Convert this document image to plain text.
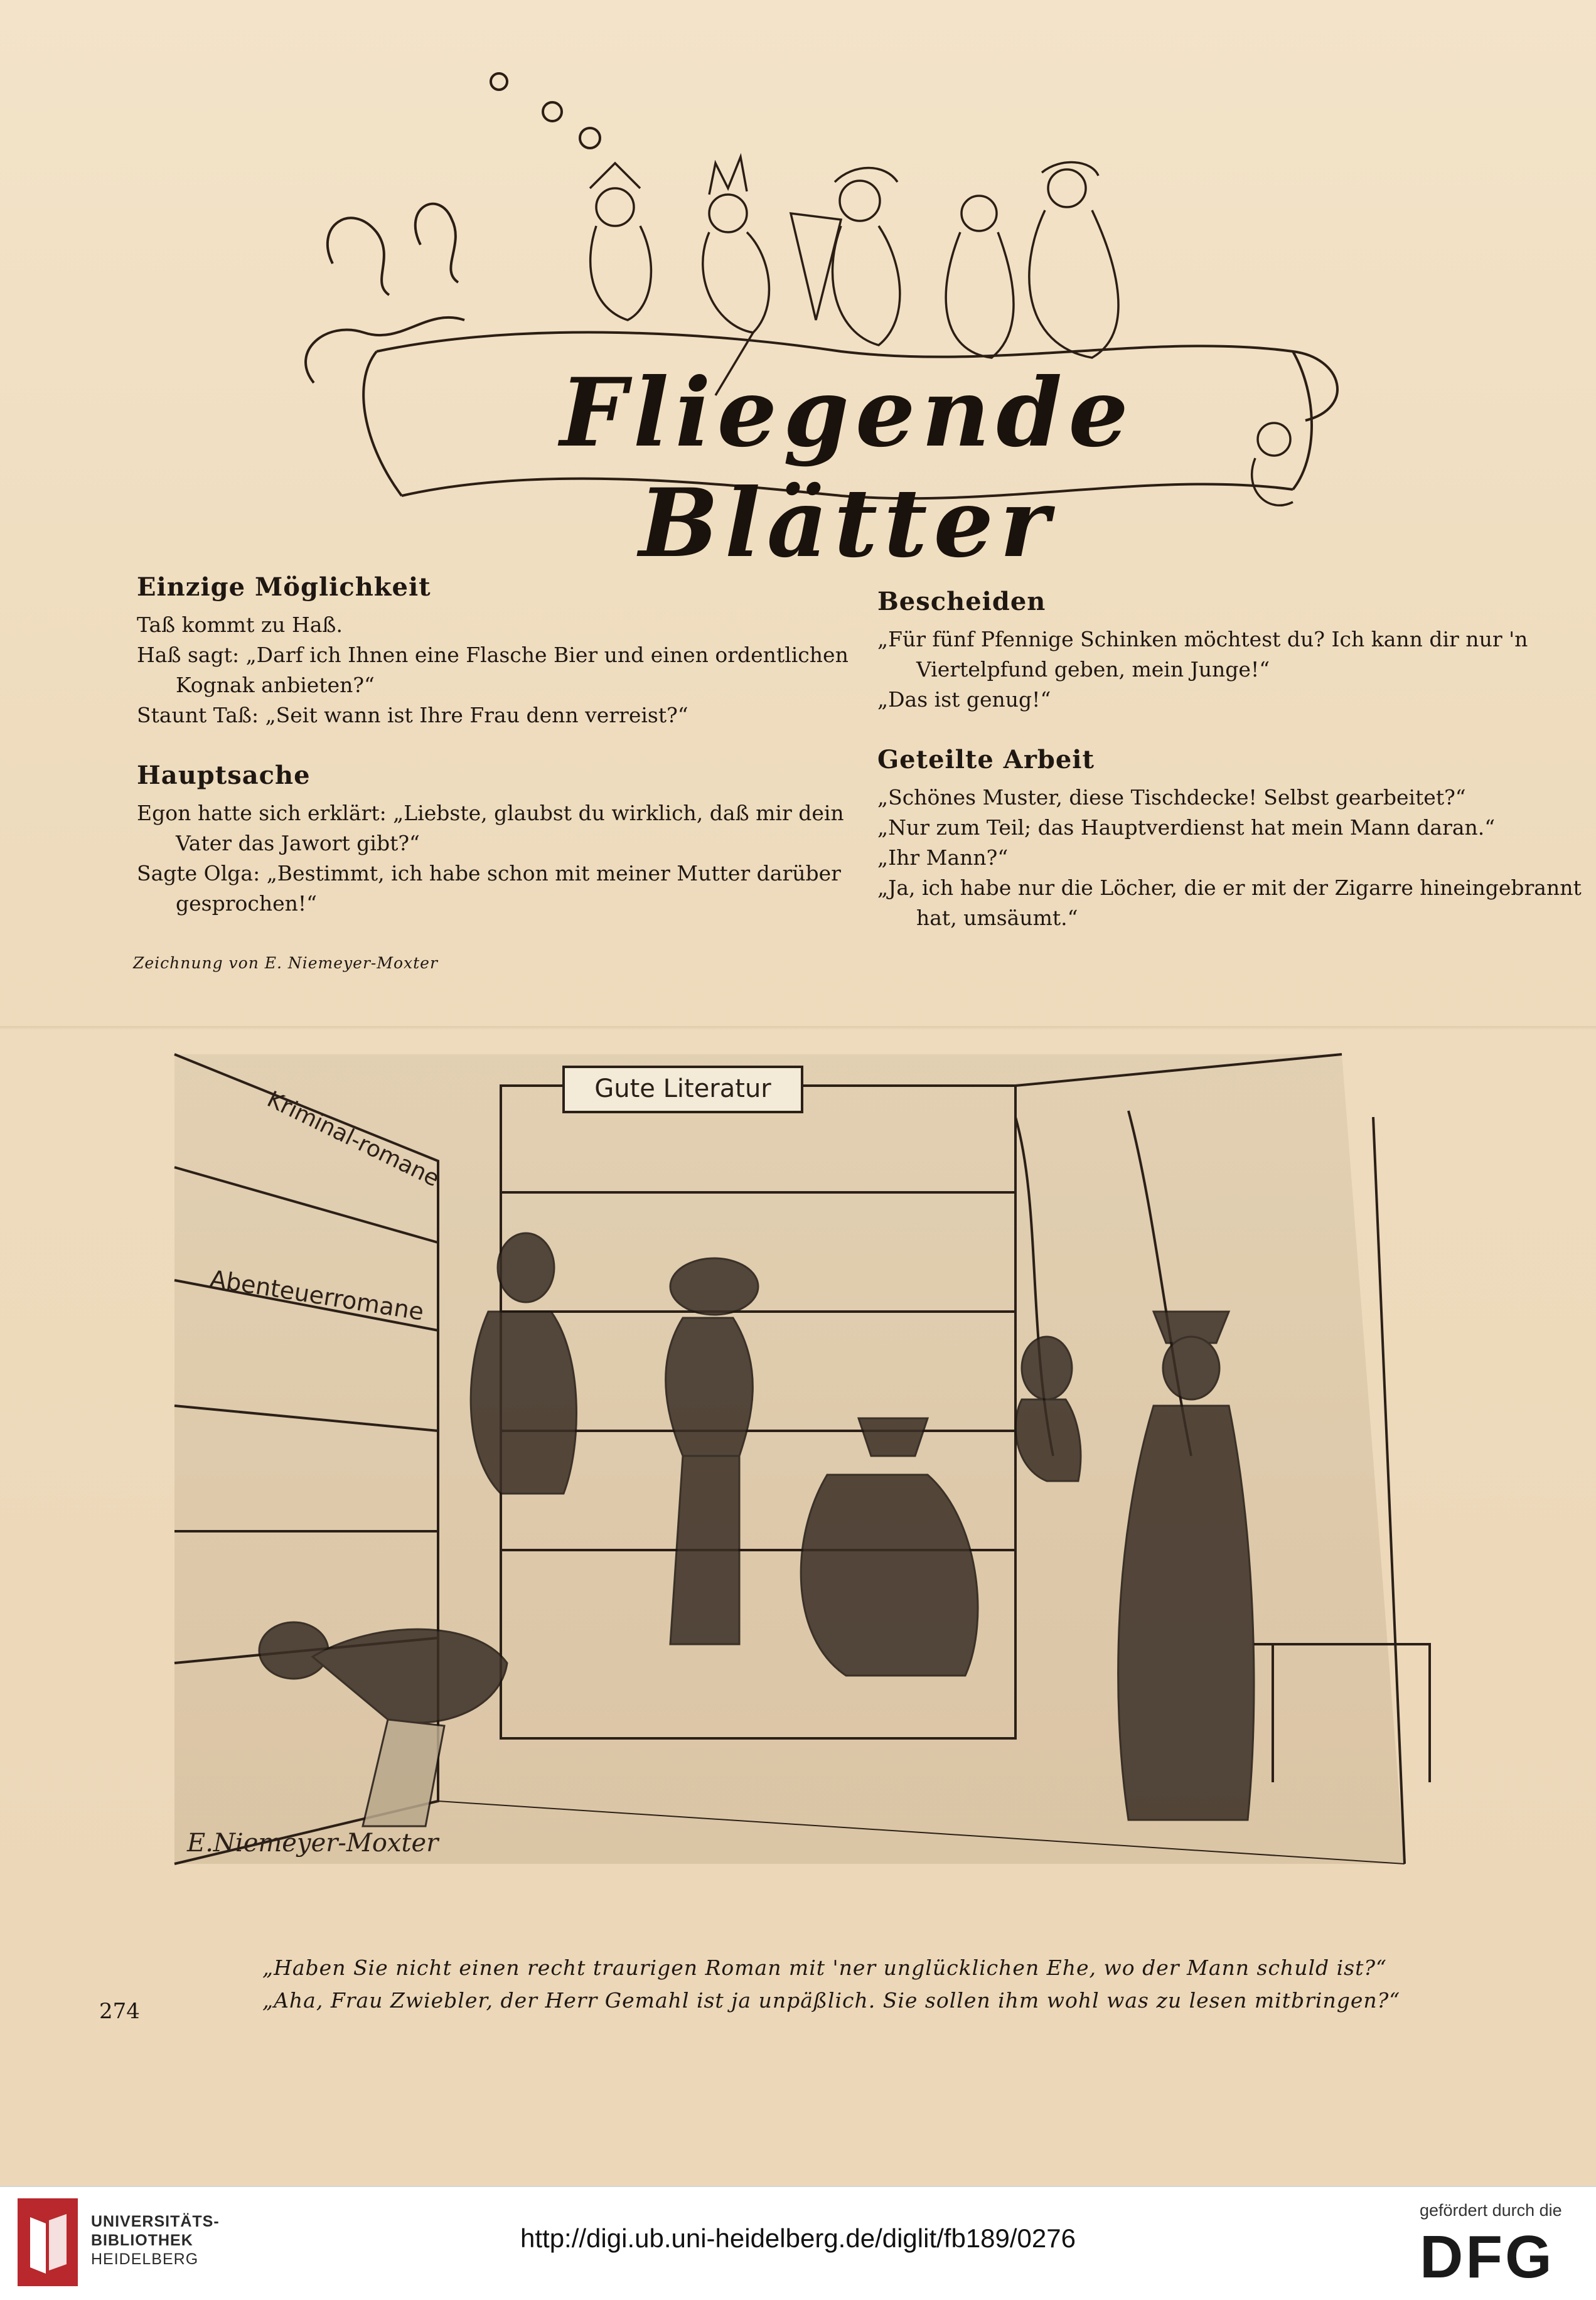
Fliegende Blätter
Einzige Möglichkeit

Taß kommt zu Haß.

Haß sagt: „Darf ich Ihnen eine Flasche Bier und einen ordentlichen Kognak anbieten?“

Staunt Taß: „Seit wann ist Ihre Frau denn verreist?“

Hauptsache

Egon hatte sich erklärt: „Liebste, glaubst du wirklich, daß mir dein Vater das Jawort gibt?“

Sagte Olga: „Bestimmt, ich habe schon mit meiner Mutter darüber gesprochen!“

Bescheiden

„Für fünf Pfennige Schinken möchtest du? Ich kann dir nur 'n Viertelpfund geben, mein Junge!“

„Das ist genug!“

Geteilte Arbeit

„Schönes Muster, diese Tischdecke! Selbst gearbeitet?“

„Nur zum Teil; das Hauptverdienst hat mein Mann daran.“

„Ihr Mann?“

„Ja, ich habe nur die Löcher, die er mit der Zigarre hineingebrannt hat, umsäumt.“

Zeichnung von E. Niemeyer-Moxter
Gute Literatur
Kriminal-romane
Abenteuerromane
E.Niemeyer-Moxter

„Haben Sie nicht einen recht traurigen Roman mit 'ner unglücklichen Ehe, wo der Mann schuld ist?“

„Aha, Frau Zwiebler, der Herr Gemahl ist ja unpäßlich. Sie sollen ihm wohl was zu lesen mitbringen?“

274
UNIVERSITÄTS-
BIBLIOTHEK
HEIDELBERG
http://digi.ub.uni-heidelberg.de/diglit/fb189/0276
gefördert durch die
DFG
